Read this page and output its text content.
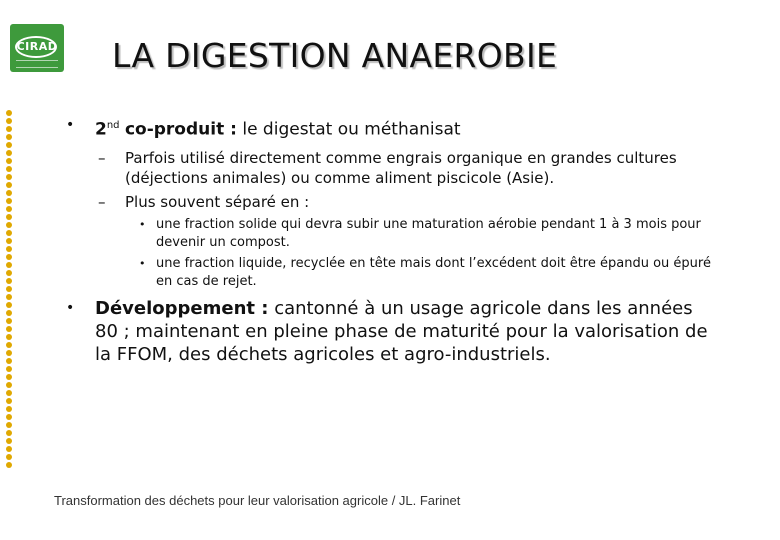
CIRAD LA DIGESTION ANAEROBIE
• 2nd co-produit : le digestat ou méthanisat
– Parfois utilisé directement comme engrais organique en grandes cultures (déjections animales) ou comme aliment piscicole (Asie).
– Plus souvent séparé en :
• une fraction solide qui devra subir une maturation aérobie pendant 1 à 3 mois pour devenir un compost.
• une fraction liquide, recyclée en tête mais dont l’excédent doit être épandu ou épuré en cas de rejet.
• Développement : cantonné à un usage agricole dans les années 80 ; maintenant en pleine phase de maturité pour la valorisation de la FFOM, des déchets agricoles et agro-industriels.
Transformation des déchets pour leur valorisation agricole / JL. Farinet
